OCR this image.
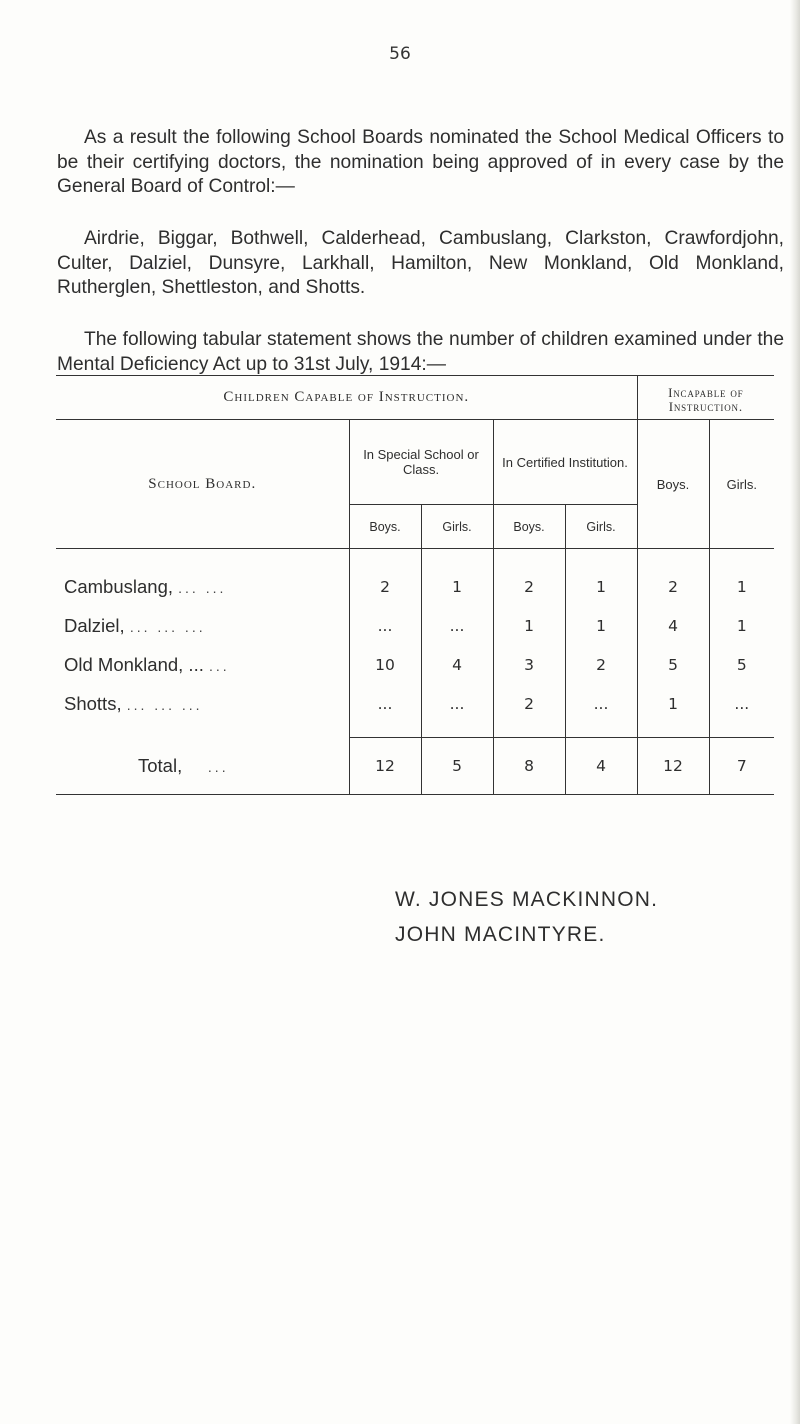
56
As a result the following School Boards nominated the School Medical Officers to be their certifying doctors, the nomination being approved of in every case by the General Board of Control:—
Airdrie, Biggar, Bothwell, Calderhead, Cambuslang, Clarkston, Crawfordjohn, Culter, Dalziel, Dunsyre, Larkhall, Hamilton, New Monkland, Old Monkland, Rutherglen, Shettleston, and Shotts.
The following tabular statement shows the number of children examined under the Mental Deficiency Act up to 31st July, 1914:—
Children Capable of Instruction.					Incapable of Instruction.	
School Board.	In Special School or Class.		In Certified Institution.		Boys.	Girls.
	Boys.	Girls.	Boys.	Girls.		

Cambuslang, ... ...	2	1	2	1	2	1
Dalziel, ... ... ...	...	...	1	1	4	1
Old Monkland, ... ...	10	4	3	2	5	5
Shotts, ... ... ...	...	...	2	...	1	...

Total, ...	12	5	8	4	12	7
W. JONES MACKINNON.
JOHN MACINTYRE.
